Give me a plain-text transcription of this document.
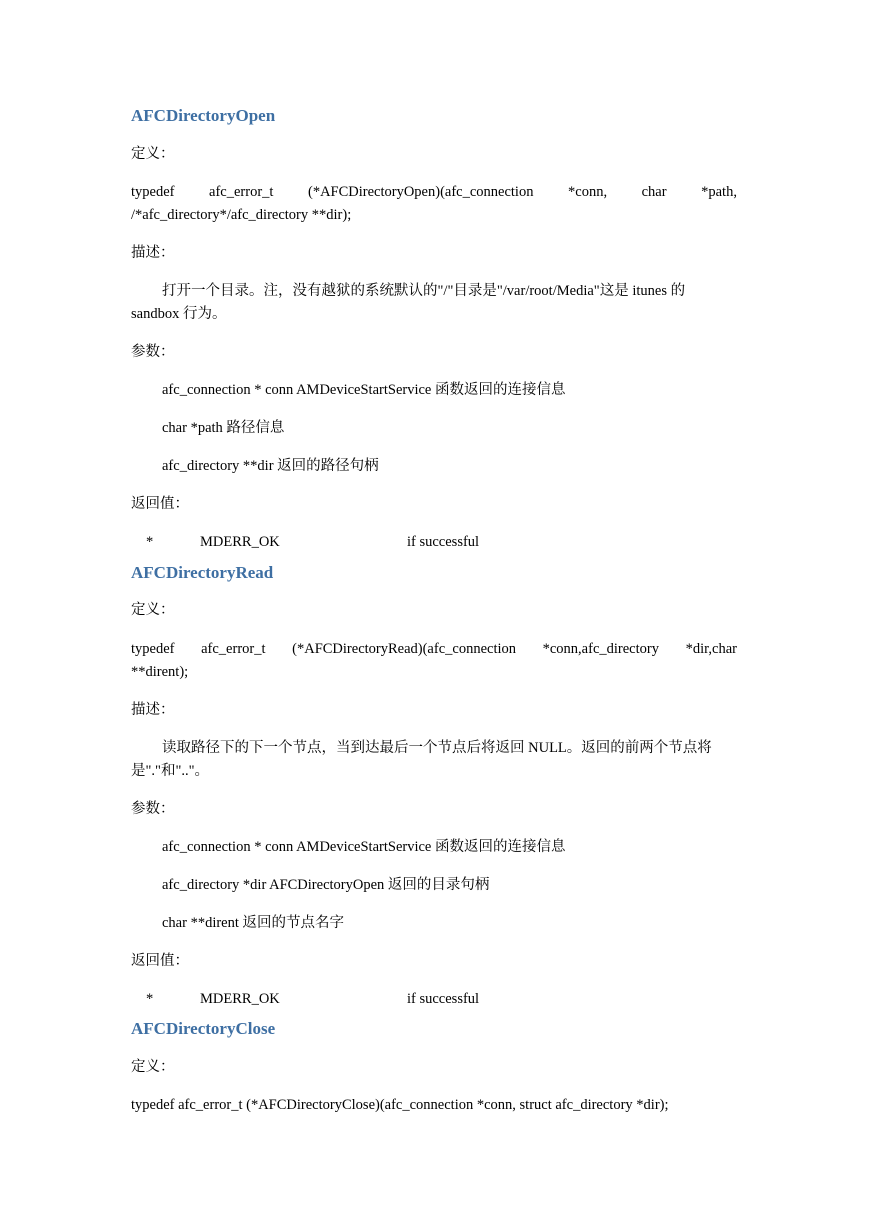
AFCDirectoryOpen
定义：
typedef afc_error_t (*AFCDirectoryOpen)(afc_connection *conn, char *path,
/*afc_directory*/afc_directory **dir);
描述：
打开一个目录。注，没有越狱的系统默认的"/"目录是"/var/root/Media"这是 itunes 的
sandbox 行为。
参数：
afc_connection * conn AMDeviceStartService 函数返回的连接信息
char *path 路径信息
afc_directory **dir 返回的路径句柄
返回值：
*	MDERR_OK	if successful
AFCDirectoryRead
定义：
typedef afc_error_t (*AFCDirectoryRead)(afc_connection *conn,afc_directory *dir,char
**dirent);
描述：
读取路径下的下一个节点，当到达最后一个节点后将返回 NULL。返回的前两个节点将
是"."和".."。
参数：
afc_connection * conn AMDeviceStartService 函数返回的连接信息
afc_directory *dir AFCDirectoryOpen 返回的目录句柄
char **dirent 返回的节点名字
返回值：
*	MDERR_OK	if successful
AFCDirectoryClose
定义：
typedef afc_error_t (*AFCDirectoryClose)(afc_connection *conn, struct afc_directory *dir);
